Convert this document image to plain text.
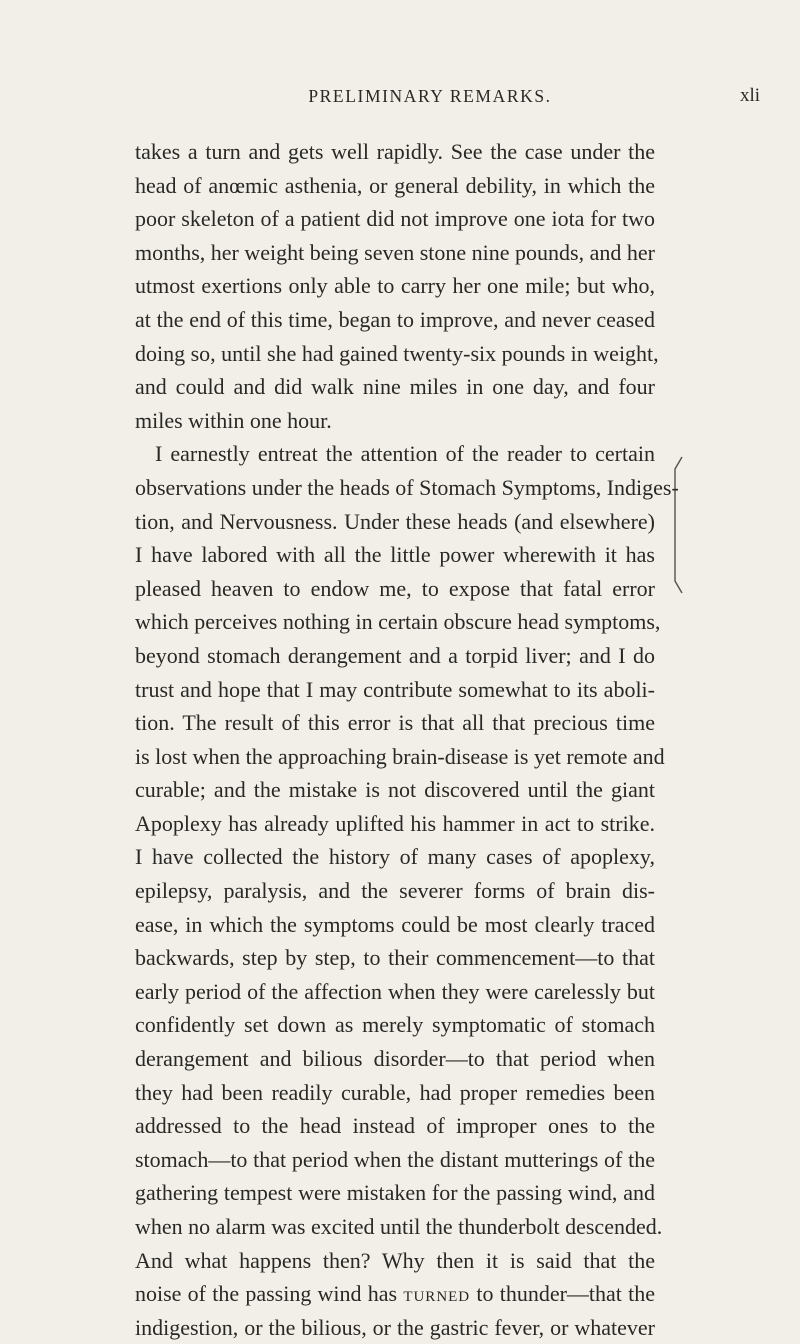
PRELIMINARY REMARKS.	xli
takes a turn and gets well rapidly. See the case under the
head of anœmic asthenia, or general debility, in which the
poor skeleton of a patient did not improve one iota for two
months, her weight being seven stone nine pounds, and her
utmost exertions only able to carry her one mile; but who,
at the end of this time, began to improve, and never ceased
doing so, until she had gained twenty-six pounds in weight,
and could and did walk nine miles in one day, and four
miles within one hour.
I earnestly entreat the attention of the reader to certain
observations under the heads of Stomach Symptoms, Indiges-
tion, and Nervousness. Under these heads (and elsewhere)
I have labored with all the little power wherewith it has
pleased heaven to endow me, to expose that fatal error
which perceives nothing in certain obscure head symptoms,
beyond stomach derangement and a torpid liver; and I do
trust and hope that I may contribute somewhat to its aboli-
tion. The result of this error is that all that precious time
is lost when the approaching brain-disease is yet remote and
curable; and the mistake is not discovered until the giant
Apoplexy has already uplifted his hammer in act to strike.
I have collected the history of many cases of apoplexy,
epilepsy, paralysis, and the severer forms of brain dis-
ease, in which the symptoms could be most clearly traced
backwards, step by step, to their commencement—to that
early period of the affection when they were carelessly but
confidently set down as merely symptomatic of stomach
derangement and bilious disorder—to that period when
they had been readily curable, had proper remedies been
addressed to the head instead of improper ones to the
stomach—to that period when the distant mutterings of the
gathering tempest were mistaken for the passing wind, and
when no alarm was excited until the thunderbolt descended.
And what happens then? Why then it is said that the
noise of the passing wind has turned to thunder—that the
indigestion, or the bilious, or the gastric fever, or whatever
